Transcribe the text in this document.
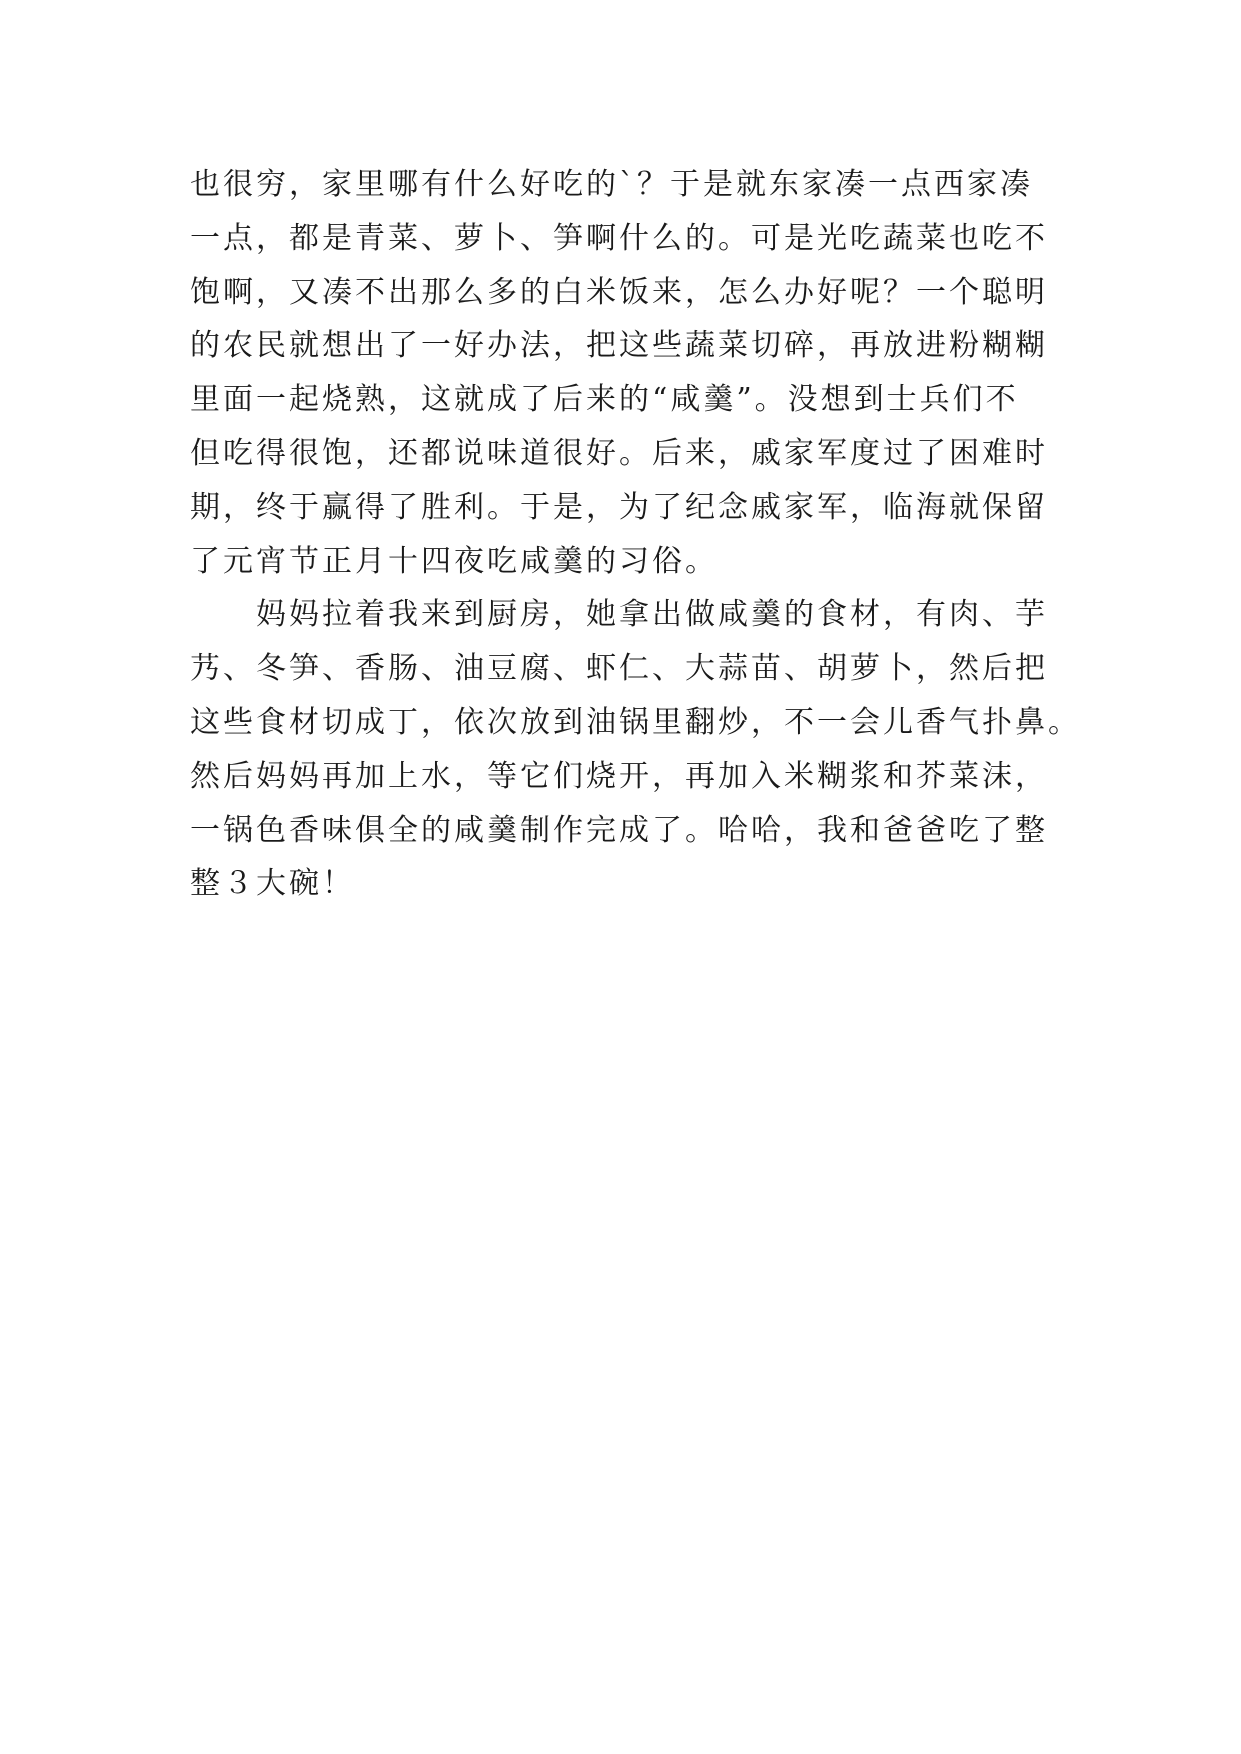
也很穷，家里哪有什么好吃的`？于是就东家凑一点西家凑
一点，都是青菜、萝卜、笋啊什么的。可是光吃蔬菜也吃不
饱啊，又凑不出那么多的白米饭来，怎么办好呢？一个聪明
的农民就想出了一好办法，把这些蔬菜切碎，再放进粉糊糊
里面一起烧熟，这就成了后来的“咸羹”。没想到士兵们不
但吃得很饱，还都说味道很好。后来，戚家军度过了困难时
期，终于赢得了胜利。于是，为了纪念戚家军，临海就保留
了元宵节正月十四夜吃咸羹的习俗。
　　妈妈拉着我来到厨房，她拿出做咸羹的食材，有肉、芋
艿、冬笋、香肠、油豆腐、虾仁、大蒜苗、胡萝卜，然后把
这些食材切成丁，依次放到油锅里翻炒，不一会儿香气扑鼻。
然后妈妈再加上水，等它们烧开，再加入米糊浆和芥菜沫，
一锅色香味俱全的咸羹制作完成了。哈哈，我和爸爸吃了整
整３大碗！
